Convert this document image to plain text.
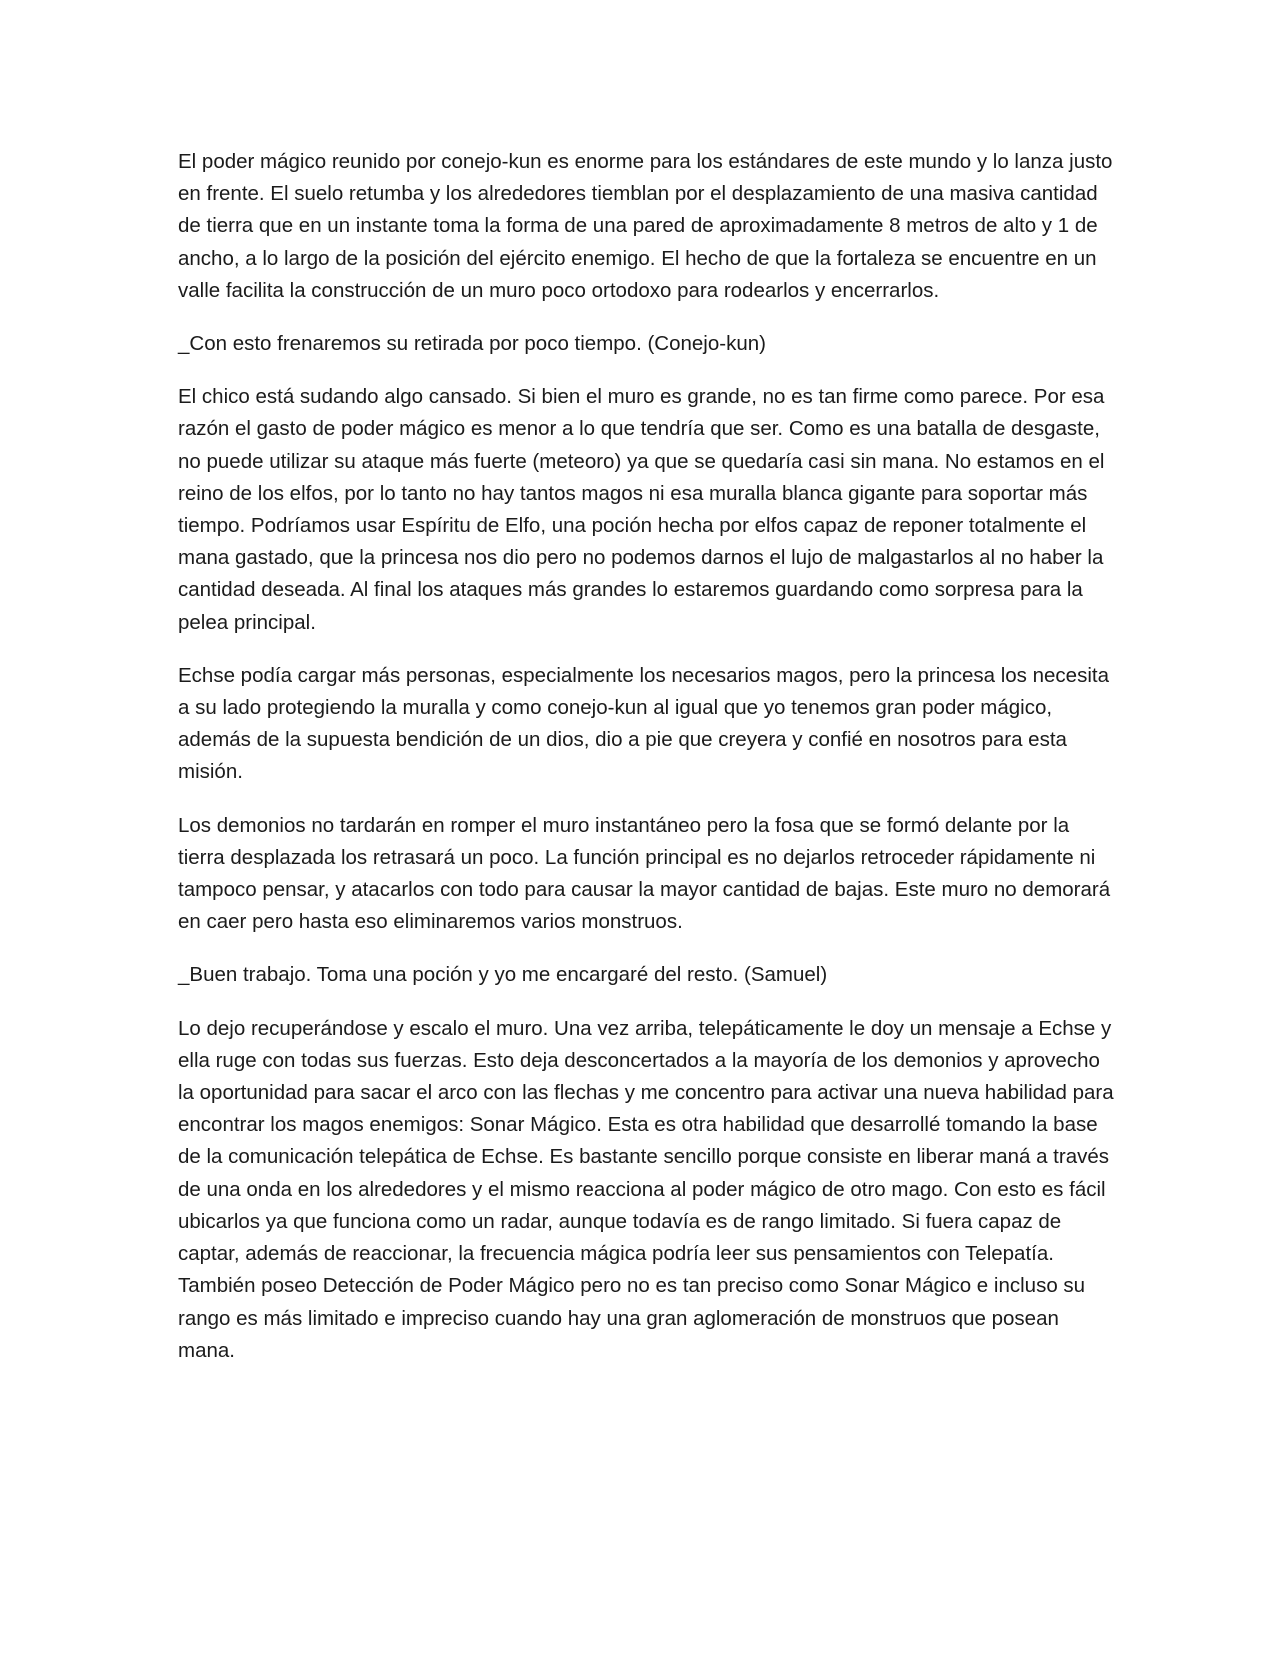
El poder mágico reunido por conejo-kun es enorme para los estándares de este mundo y lo lanza justo en frente. El suelo retumba y los alrededores tiemblan por el desplazamiento de una masiva cantidad de tierra que en un instante toma la forma de una pared de aproximadamente 8 metros de alto y 1 de ancho, a lo largo de la posición del ejército enemigo. El hecho de que la fortaleza se encuentre en un valle facilita la construcción de un muro poco ortodoxo para rodearlos y encerrarlos.

_Con esto frenaremos su retirada por poco tiempo. (Conejo-kun)

El chico está sudando algo cansado. Si bien el muro es grande, no es tan firme como parece. Por esa razón el gasto de poder mágico es menor a lo que tendría que ser. Como es una batalla de desgaste, no puede utilizar su ataque más fuerte (meteoro) ya que se quedaría casi sin mana. No estamos en el reino de los elfos, por lo tanto no hay tantos magos ni esa muralla blanca gigante para soportar más tiempo. Podríamos usar Espíritu de Elfo, una poción hecha por elfos capaz de reponer totalmente el mana gastado, que la princesa nos dio pero no podemos darnos el lujo de malgastarlos al no haber la cantidad deseada. Al final los ataques más grandes lo estaremos guardando como sorpresa para la pelea principal.

Echse podía cargar más personas, especialmente los necesarios magos, pero la princesa los necesita a su lado protegiendo la muralla y como conejo-kun al igual que yo tenemos gran poder mágico, además de la supuesta bendición de un dios, dio a pie que creyera y confié en nosotros para esta misión.

Los demonios no tardarán en romper el muro instantáneo pero la fosa que se formó delante por la tierra desplazada los retrasará un poco. La función principal es no dejarlos retroceder rápidamente ni tampoco pensar, y atacarlos con todo para causar la mayor cantidad de bajas. Este muro no demorará en caer pero hasta eso eliminaremos varios monstruos.

_Buen trabajo. Toma una poción y yo me encargaré del resto. (Samuel)

Lo dejo recuperándose y escalo el muro. Una vez arriba, telepáticamente le doy un mensaje a Echse y ella ruge con todas sus fuerzas. Esto deja desconcertados a la mayoría de los demonios y aprovecho la oportunidad para sacar el arco con las flechas y me concentro para activar una nueva habilidad para encontrar los magos enemigos: Sonar Mágico. Esta es otra habilidad que desarrollé tomando la base de la comunicación telepática de Echse. Es bastante sencillo porque consiste en liberar maná a través de una onda en los alrededores y el mismo reacciona al poder mágico de otro mago. Con esto es fácil ubicarlos ya que funciona como un radar, aunque todavía es de rango limitado. Si fuera capaz de captar, además de reaccionar, la frecuencia mágica podría leer sus pensamientos con Telepatía. También poseo Detección de Poder Mágico pero no es tan preciso como Sonar Mágico e incluso su rango es más limitado e impreciso cuando hay una gran aglomeración de monstruos que posean mana.
